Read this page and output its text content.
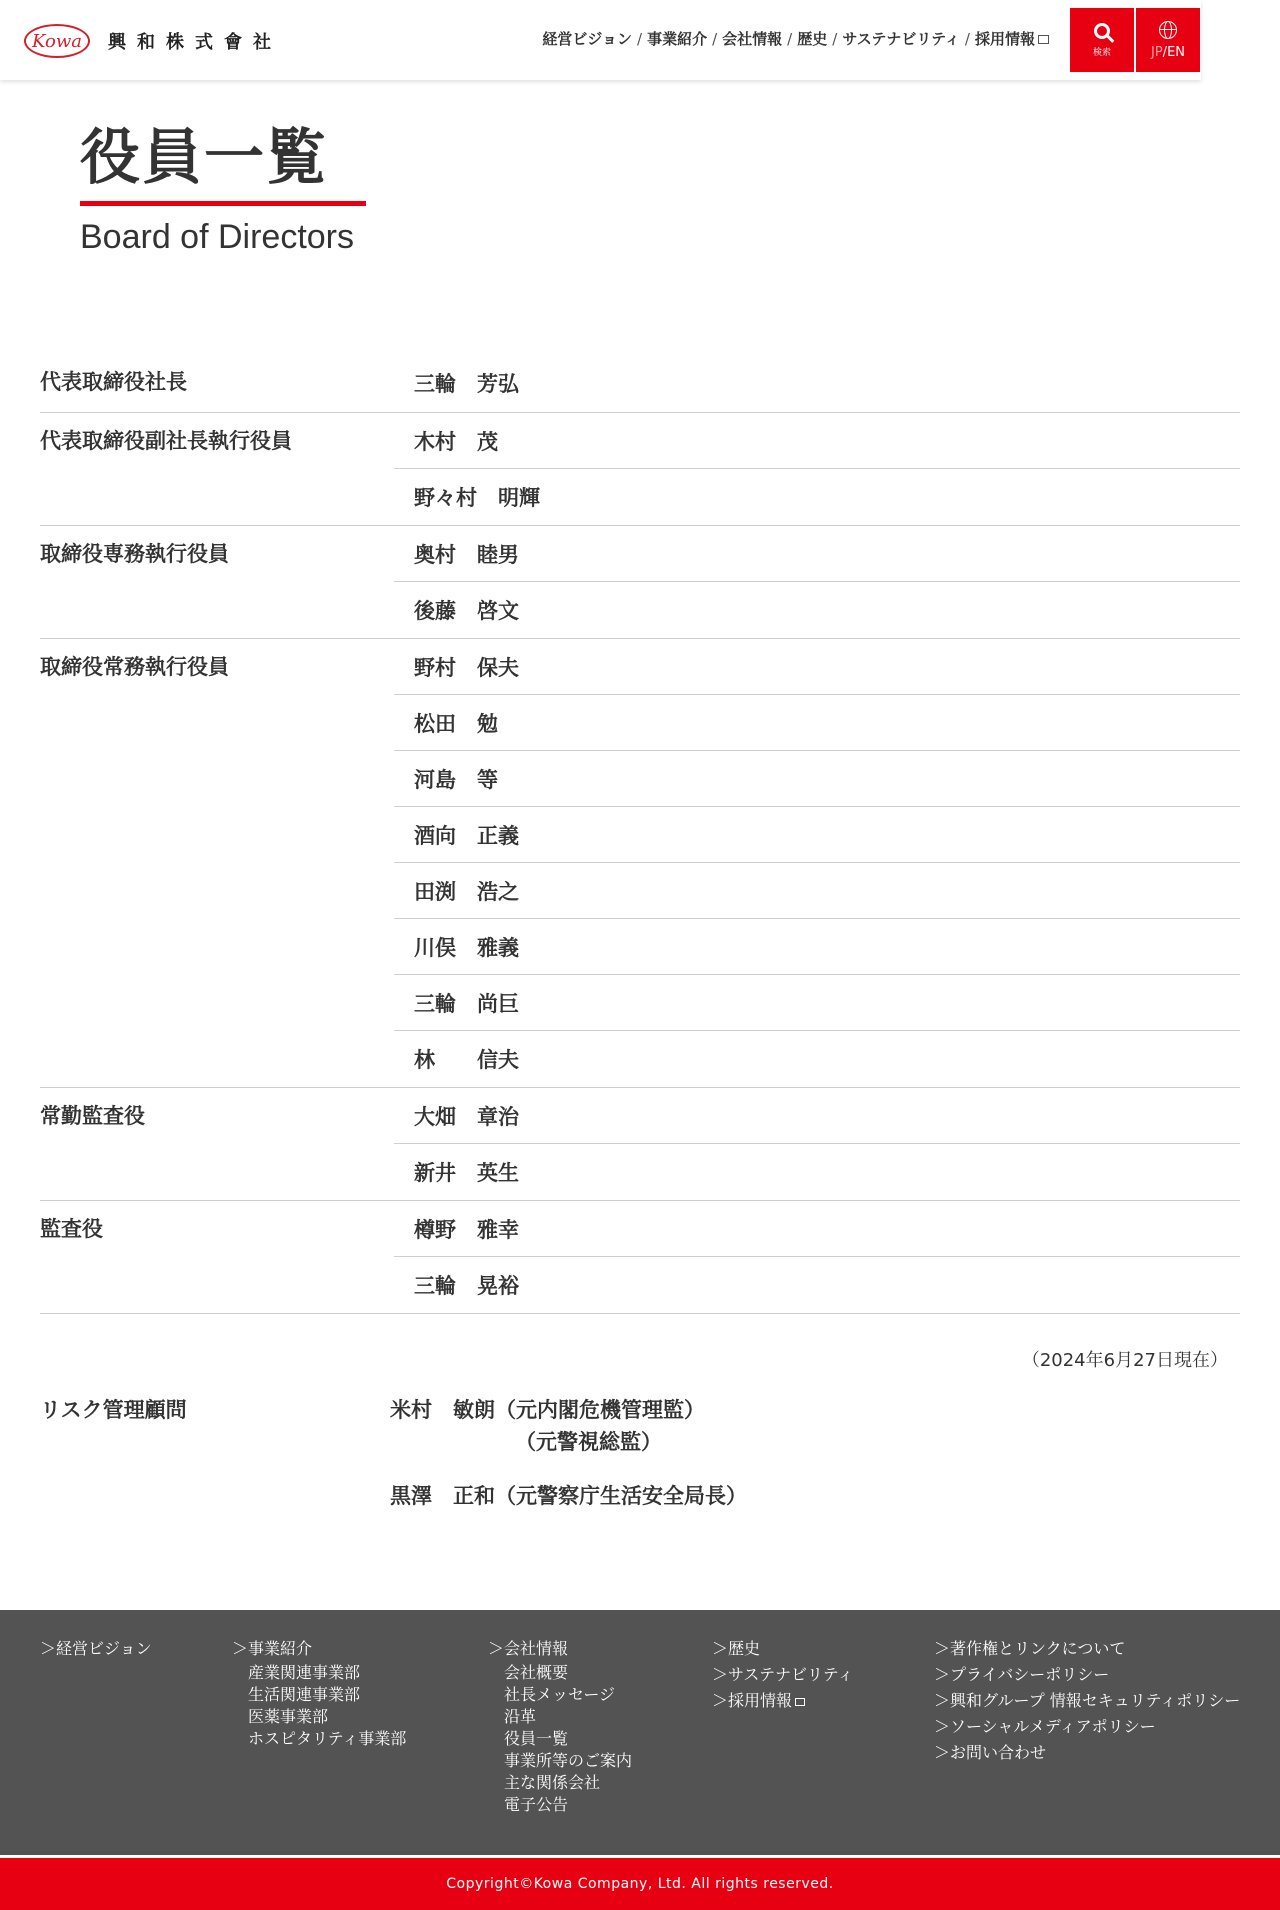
Kowa	興和株式會社	経営ビジョン / 事業紹介 / 会社情報 / 歴史 / サステナビリティ / 採用情報
検索	JP/EN
役員一覧
Board of Directors
代表取締役社長	三輪　芳弘
代表取締役副社長執行役員	木村　茂
野々村　明輝
取締役専務執行役員	奥村　睦男
後藤　啓文
取締役常務執行役員	野村　保夫
松田　勉
河島　等
酒向　正義
田渕　浩之
川俣　雅義
三輪　尚巨
林　　信夫
常勤監査役	大畑　章治
新井　英生
監査役	樽野　雅幸
三輪　晃裕
（2024年6月27日現在）
リスク管理顧問	米村　敏朗（元内閣危機管理監）
（元警視総監）
黒澤　正和（元警察庁生活安全局長）
＞経営ビジョン	＞事業紹介
産業関連事業部
生活関連事業部
医薬事業部
ホスピタリティ事業部
＞会社情報
会社概要
社長メッセージ
沿革
役員一覧
事業所等のご案内
主な関係会社
電子公告
＞歴史
＞サステナビリティ
＞採用情報
＞著作権とリンクについて
＞プライバシーポリシー
＞興和グループ 情報セキュリティポリシー
＞ソーシャルメディアポリシー
＞お問い合わせ
Copyright©Kowa Company, Ltd. All rights reserved.
